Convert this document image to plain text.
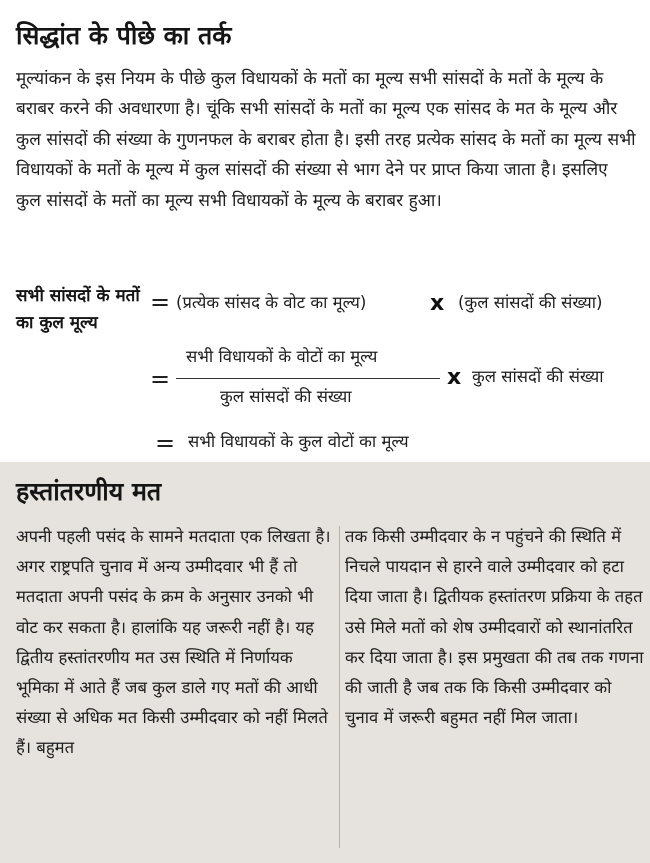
सिद्धांत के पीछे का तर्क

मूल्यांकन के इस नियम के पीछे कुल विधायकों के मतों का मूल्य सभी सांसदों के मतों के मूल्य के बराबर करने की अवधारणा है। चूंकि सभी सांसदों के मतों का मूल्य एक सांसद के मत के मूल्य और कुल सांसदों की संख्या के गुणनफल के बराबर होता है। इसी तरह प्रत्येक सांसद के मतों का मूल्य सभी विधायकों के मतों के मूल्य में कुल सांसदों की संख्या से भाग देने पर प्राप्त किया जाता है। इसलिए कुल सांसदों के मतों का मूल्य सभी विधायकों के मूल्य के बराबर हुआ।

सभी सांसदों के मतों का कुल मूल्य

= (प्रत्येक सांसद के वोट का मूल्य)	x (कुल सांसदों की संख्या)
=
सभी विधायकों के वोटों का मूल्य
कुल सांसदों की संख्या
x कुल सांसदों की संख्या
= सभी विधायकों के कुल वोटों का मूल्य
हस्तांतरणीय मत

अपनी पहली पसंद के सामने मतदाता एक लिखता है। अगर राष्ट्रपति चुनाव में अन्य उम्मीदवार भी हैं तो मतदाता अपनी पसंद के क्रम के अनुसार उनको भी वोट कर सकता है। हालांकि यह जरूरी नहीं है। यह द्वितीय हस्तांतरणीय मत उस स्थिति में निर्णायक भूमिका में आते हैं जब कुल डाले गए मतों की आधी संख्या से अधिक मत किसी उम्मीदवार को नहीं मिलते हैं। बहुमत

तक किसी उम्मीदवार के न पहुंचने की स्थिति में निचले पायदान से हारने वाले उम्मीदवार को हटा दिया जाता है। द्वितीयक हस्तांतरण प्रक्रिया के तहत उसे मिले मतों को शेष उम्मीदवारों को स्थानांतरित कर दिया जाता है। इस प्रमुखता की तब तक गणना की जाती है जब तक कि किसी उम्मीदवार को चुनाव में जरूरी बहुमत नहीं मिल जाता।
